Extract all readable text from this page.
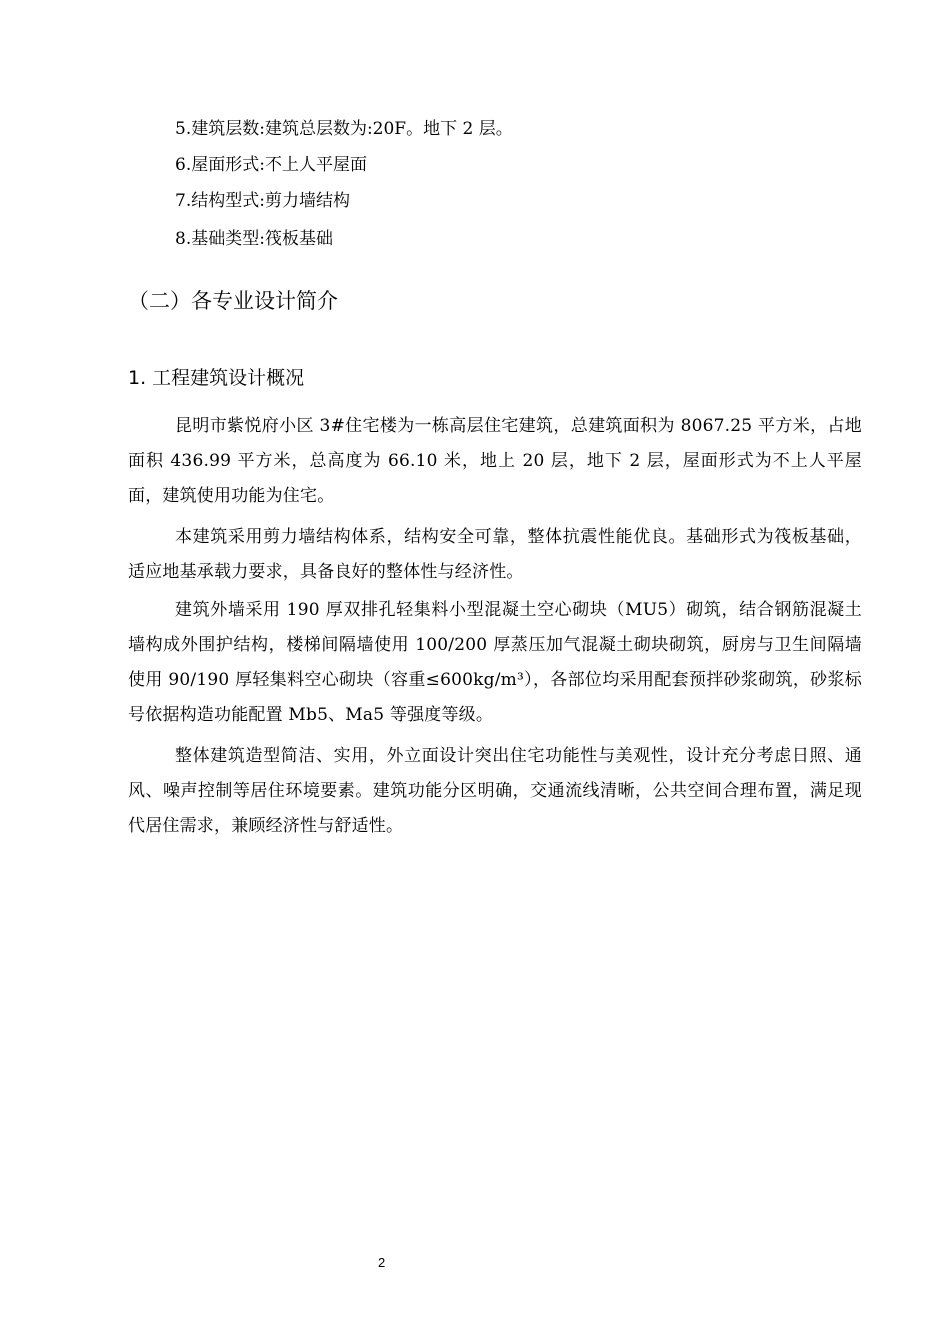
5.建筑层数:建筑总层数为:20F。地下 2 层。
6.屋面形式:不上人平屋面
7.结构型式:剪力墙结构
8.基础类型:筏板基础
（二）各专业设计简介
1. 工程建筑设计概况
昆明市紫悦府小区 3#住宅楼为一栋高层住宅建筑，总建筑面积为 8067.25 平方米，占地面积 436.99 平方米，总高度为 66.10 米，地上 20 层，地下 2 层，屋面形式为不上人平屋面，建筑使用功能为住宅。
本建筑采用剪力墙结构体系，结构安全可靠，整体抗震性能优良。基础形式为筏板基础，适应地基承载力要求，具备良好的整体性与经济性。
建筑外墙采用 190 厚双排孔轻集料小型混凝土空心砌块（MU5）砌筑，结合钢筋混凝土墙构成外围护结构，楼梯间隔墙使用 100/200 厚蒸压加气混凝土砌块砌筑，厨房与卫生间隔墙使用 90/190 厚轻集料空心砌块（容重≤600kg/m³），各部位均采用配套预拌砂浆砌筑，砂浆标号依据构造功能配置 Mb5、Ma5 等强度等级。
整体建筑造型简洁、实用，外立面设计突出住宅功能性与美观性，设计充分考虑日照、通风、噪声控制等居住环境要素。建筑功能分区明确，交通流线清晰，公共空间合理布置，满足现代居住需求，兼顾经济性与舒适性。
2
